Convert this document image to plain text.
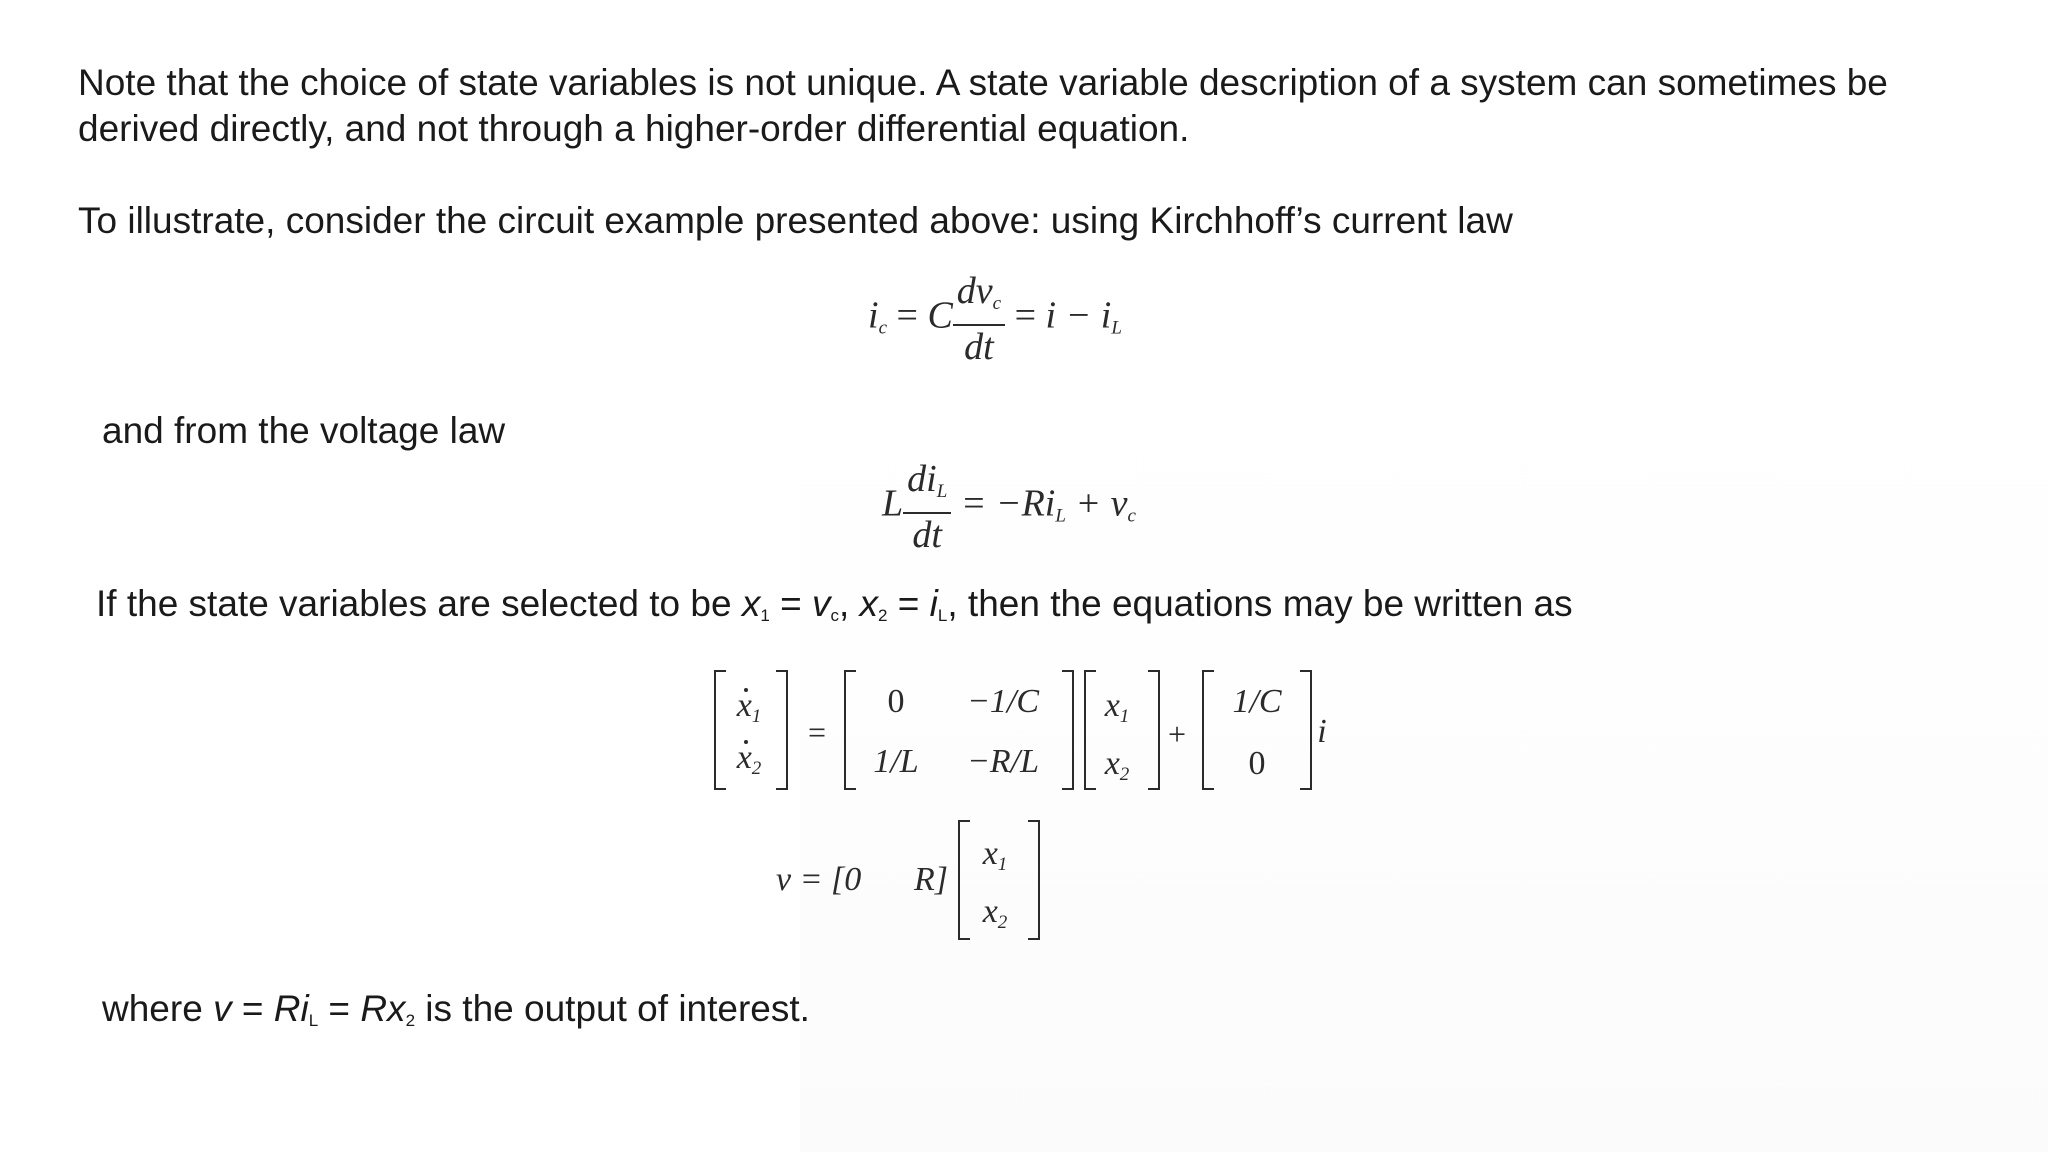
Note that the choice of state variables is not unique. A state variable description of a system can sometimes be

derived directly, and not through a higher-order differential equation.

To illustrate, consider the circuit example presented above: using Kirchhoff’s current law

$i_c = C \frac{dv_c}{dt} = i - i_L$

and from the voltage law

L $\frac{di_L}{dt} = -Ri_L + v_c$

If the state variables are selected to be x1 = vc, x2 = iL, then the equations may be written as

$x_1$
$x_2$
=
0	−1/C
1/L	−R/L
$x_1$
$x_2$
+
1/C
0
i
v = [0	R]
$x_1$
$x_2$

where v = RiL = Rx2 is the output of interest.
